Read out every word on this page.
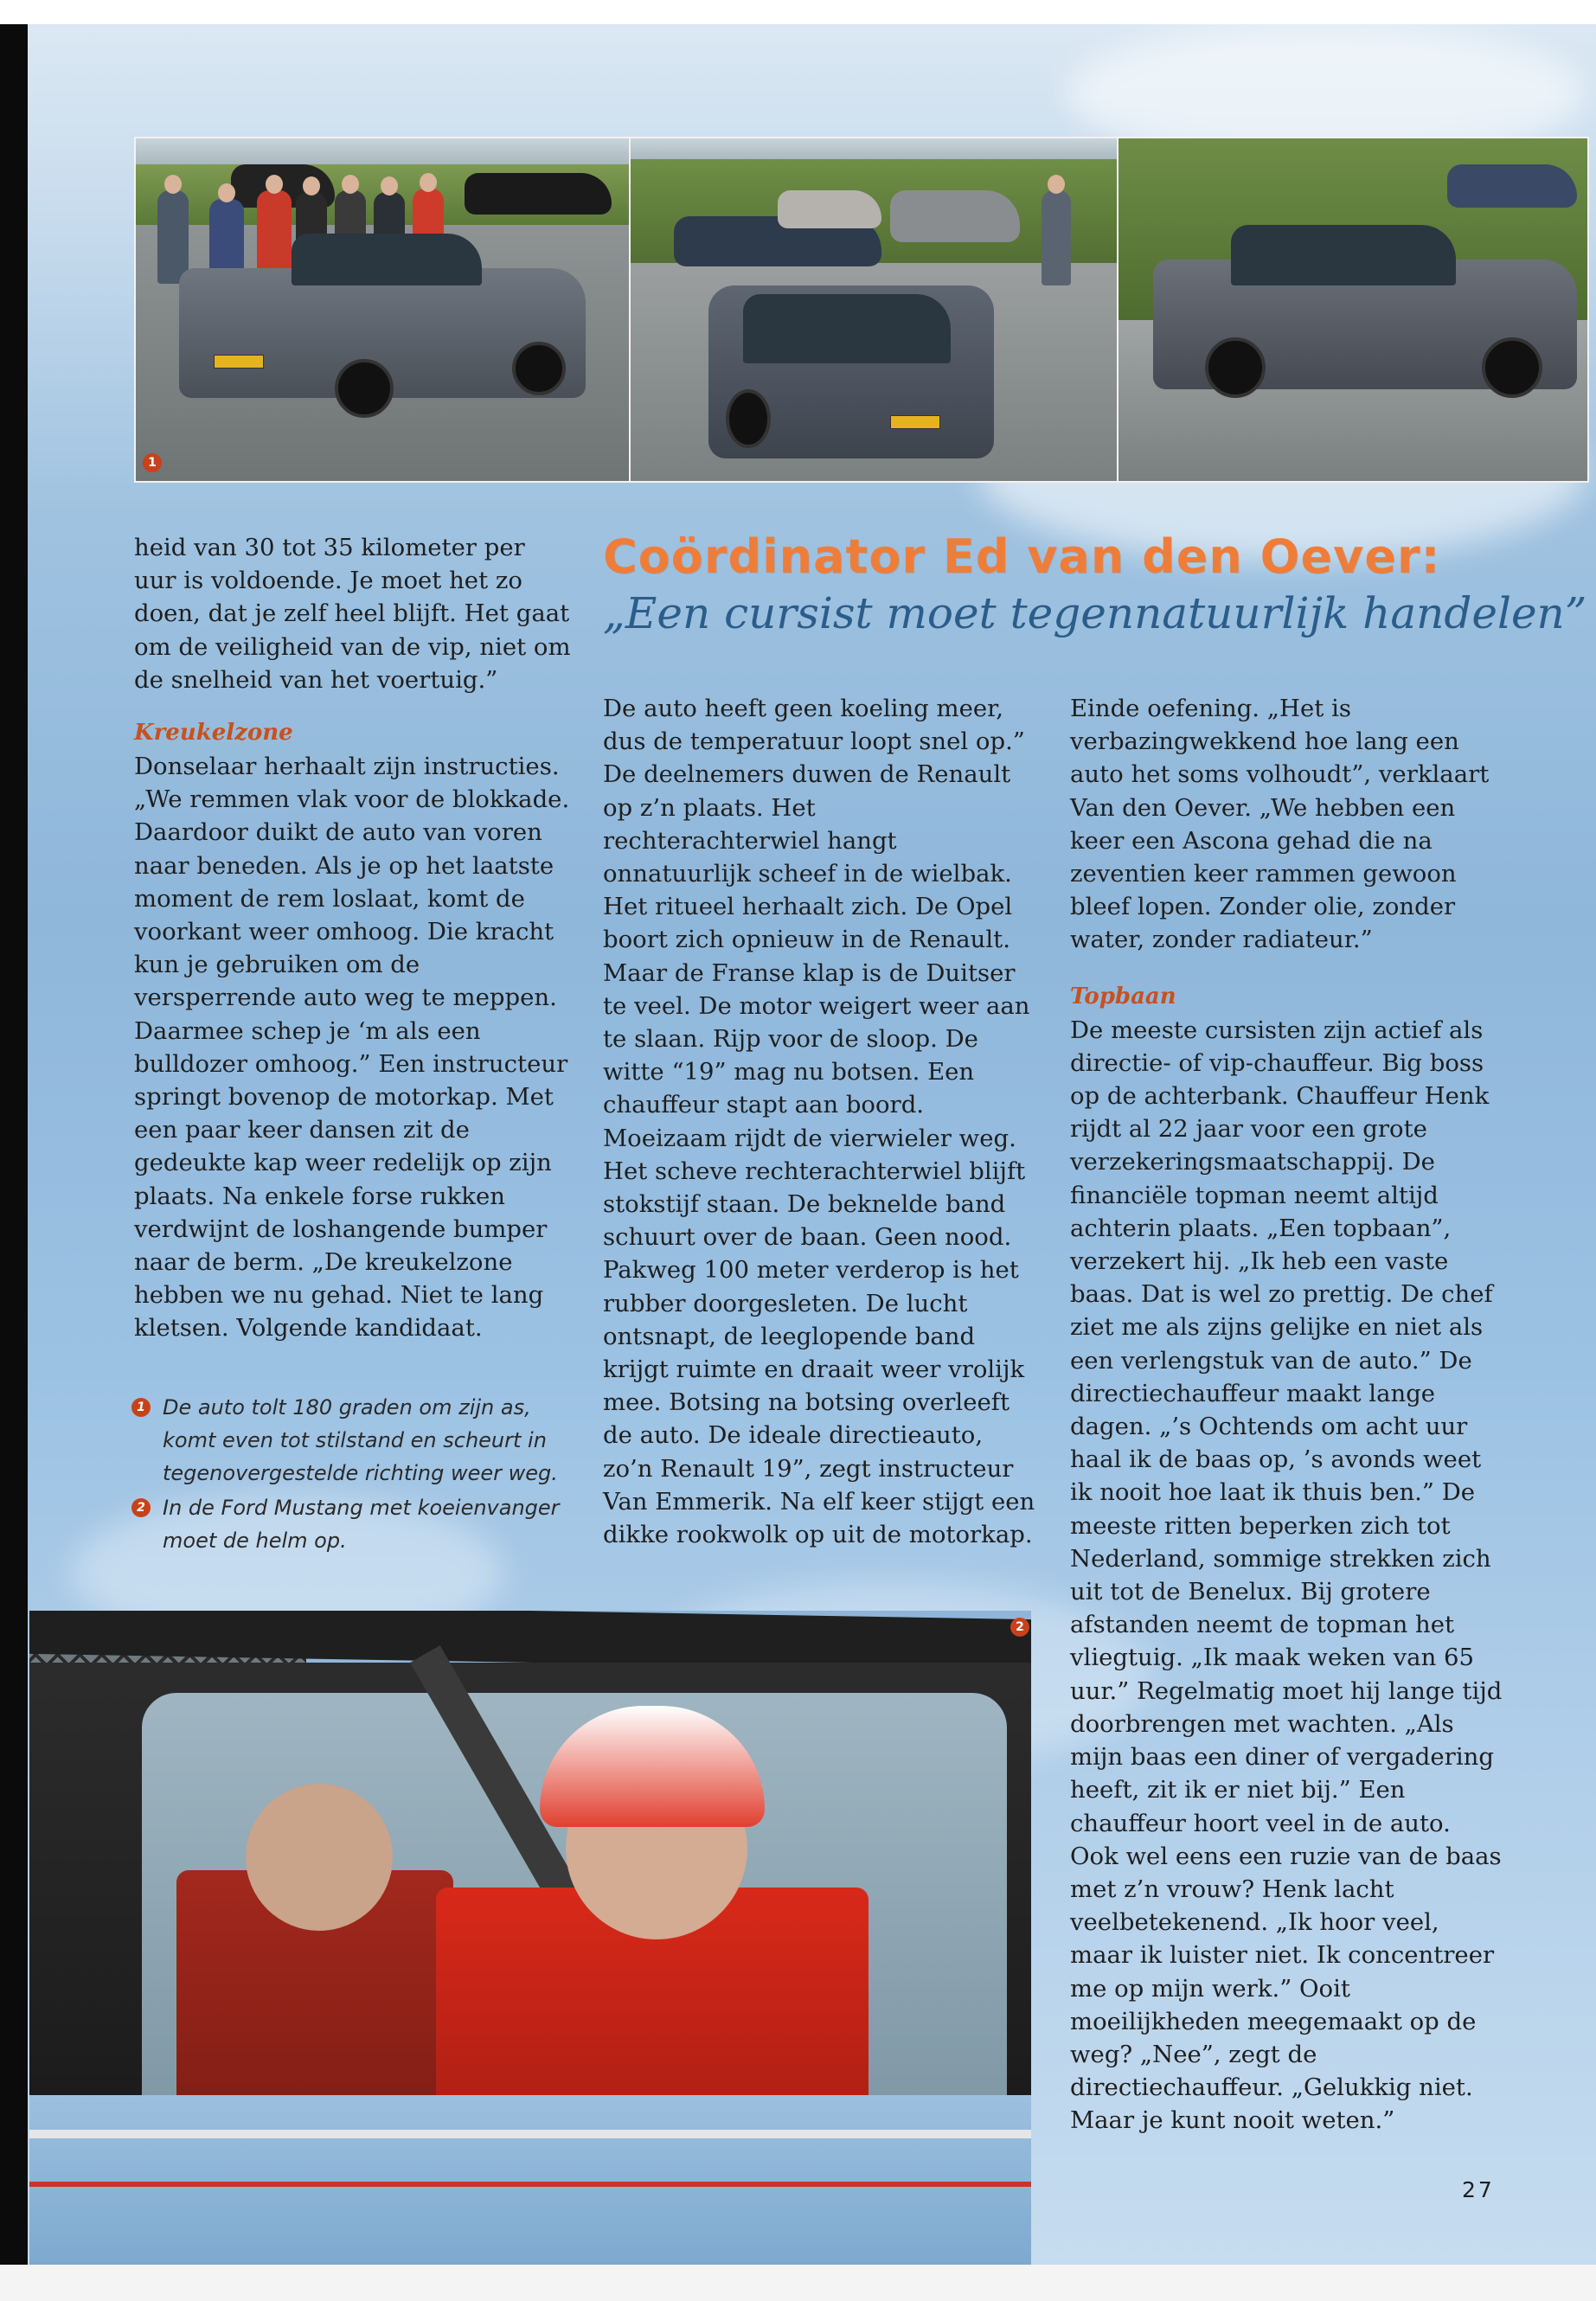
1
Coördinator Ed van den Oever:
„Een cursist moet tegennatuurlijk handelen”

heid van 30 tot 35 kilometer per uur is voldoende. Je moet het zo doen, dat je zelf heel blijft. Het gaat om de veiligheid van de vip, niet om de snelheid van het voertuig.”

Kreukelzone

Donselaar herhaalt zijn instructies. „We remmen vlak voor de blokkade. Daardoor duikt de auto van voren naar beneden. Als je op het laatste moment de rem loslaat, komt de voorkant weer omhoog. Die kracht kun je gebruiken om de versperrende auto weg te meppen. Daarmee schep je ‘m als een bulldozer omhoog.” Een instructeur springt bovenop de motorkap. Met een paar keer dansen zit de gedeukte kap weer redelijk op zijn plaats. Na enkele forse rukken verdwijnt de loshangende bumper naar de berm. „De kreukelzone hebben we nu gehad. Niet te lang kletsen. Volgende kandidaat.

1 De auto tolt 180 graden om zijn as, komt even tot stilstand en scheurt in tegenovergestelde richting weer weg.
2 In de Ford Mustang met koeienvanger moet de helm op.

De auto heeft geen koeling meer, dus de temperatuur loopt snel op.” De deelnemers duwen de Renault op z’n plaats. Het rechterachterwiel hangt onnatuurlijk scheef in de wielbak. Het ritueel herhaalt zich. De Opel boort zich opnieuw in de Renault. Maar de Franse klap is de Duitser te veel. De motor weigert weer aan te slaan. Rijp voor de sloop. De witte “19” mag nu botsen. Een chauffeur stapt aan boord. Moeizaam rijdt de vierwieler weg. Het scheve rechterachterwiel blijft stokstijf staan. De beknelde band schuurt over de baan. Geen nood. Pakweg 100 meter verderop is het rubber doorgesleten. De lucht ontsnapt, de leeglopende band krijgt ruimte en draait weer vrolijk mee. Botsing na botsing overleeft de auto. De ideale directieauto, zo’n Renault 19”, zegt instructeur Van Emmerik. Na elf keer stijgt een dikke rookwolk op uit de motorkap.

Einde oefening. „Het is verbazingwekkend hoe lang een auto het soms volhoudt”, verklaart Van den Oever. „We hebben een keer een Ascona gehad die na zeventien keer rammen gewoon bleef lopen. Zonder olie, zonder water, zonder radiateur.”

Topbaan

De meeste cursisten zijn actief als directie- of vip-chauffeur. Big boss op de achterbank. Chauffeur Henk rijdt al 22 jaar voor een grote verzekeringsmaatschappij. De financiële topman neemt altijd achterin plaats. „Een topbaan”, verzekert hij. „Ik heb een vaste baas. Dat is wel zo prettig. De chef ziet me als zijns gelijke en niet als een verlengstuk van de auto.” De directiechauffeur maakt lange dagen. „’s Ochtends om acht uur haal ik de baas op, ’s avonds weet ik nooit hoe laat ik thuis ben.” De meeste ritten beperken zich tot Nederland, sommige strekken zich uit tot de Benelux. Bij grotere afstanden neemt de topman het vliegtuig. „Ik maak weken van 65 uur.” Regelmatig moet hij lange tijd doorbrengen met wachten. „Als mijn baas een diner of vergadering heeft, zit ik er niet bij.” Een chauffeur hoort veel in de auto. Ook wel eens een ruzie van de baas met z’n vrouw? Henk lacht veelbetekenend. „Ik hoor veel, maar ik luister niet. Ik concentreer me op mijn werk.” Ooit moeilijkheden meegemaakt op de weg? „Nee”, zegt de directiechauffeur. „Gelukkig niet. Maar je kunt nooit weten.”

2
27
